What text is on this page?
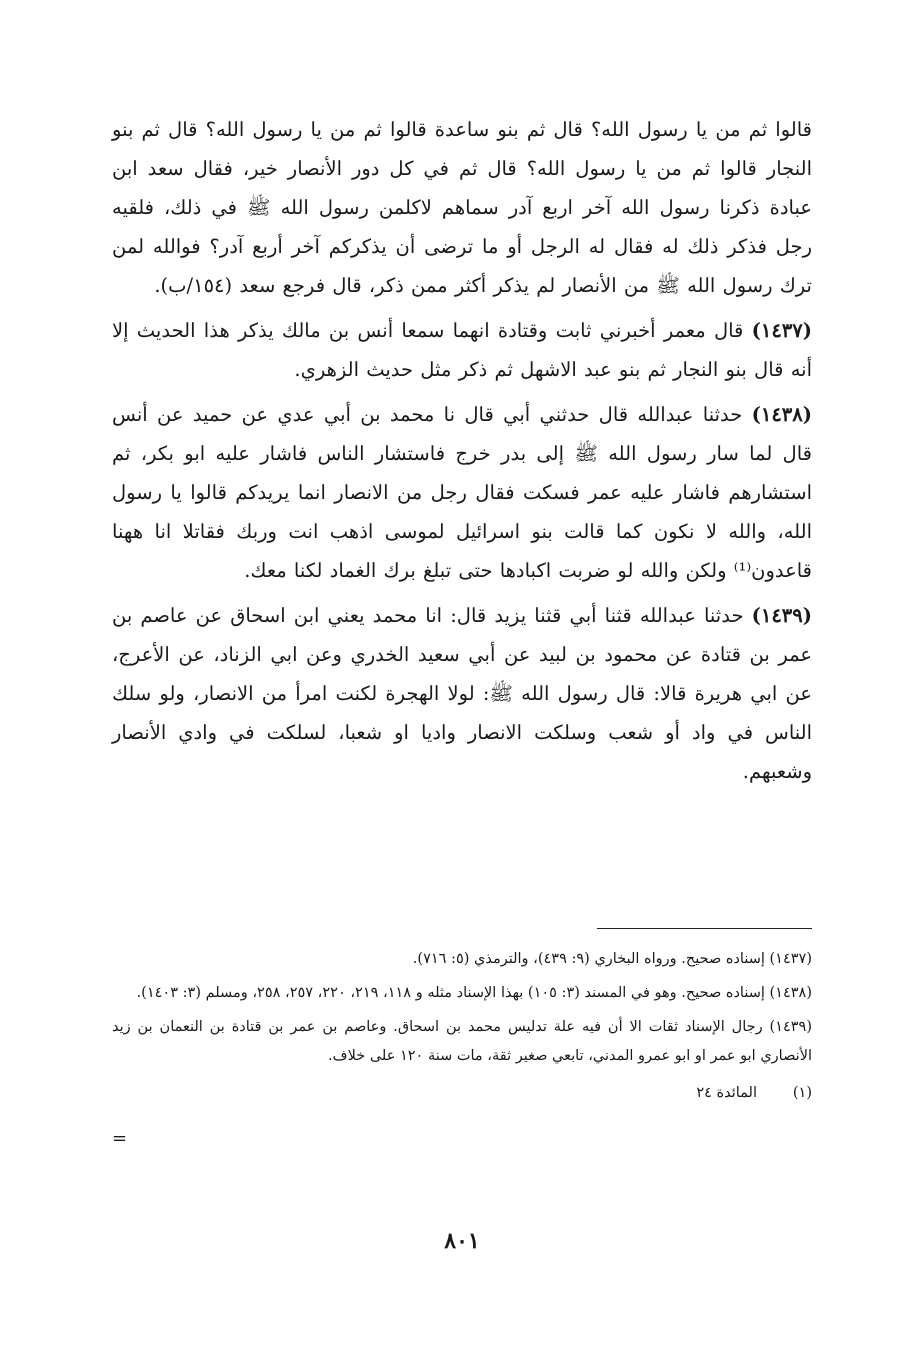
قالوا ثم من يا رسول الله؟ قال ثم بنو ساعدة قالوا ثم من يا رسول الله؟ قال ثم بنو النجار قالوا ثم من يا رسول الله؟ قال ثم في كل دور الأنصار خير، فقال سعد ابن عبادة ذكرنا رسول الله آخر اربع آدر سماهم لاكلمن رسول الله ﷺ في ذلك، فلقيه رجل فذكر ذلك له فقال له الرجل أو ما ترضى أن يذكركم آخر أربع آدر؟ فوالله لمن ترك رسول الله ﷺ من الأنصار لم يذكر أكثر ممن ذكر، قال فرجع سعد (١٥٤/ب).

(١٤٣٧) قال معمر أخبرني ثابت وقتادة انهما سمعا أنس بن مالك يذكر هذا الحديث إلا أنه قال بنو النجار ثم بنو عبد الاشهل ثم ذكر مثل حديث الزهري.

(١٤٣٨) حدثنا عبدالله قال حدثني أبي قال نا محمد بن أبي عدي عن حميد عن أنس قال لما سار رسول الله ﷺ إلى بدر خرج فاستشار الناس فاشار عليه ابو بكر، ثم استشارهم فاشار عليه عمر فسكت فقال رجل من الانصار انما يريدكم قالوا يا رسول الله، والله لا نكون كما قالت بنو اسرائيل لموسى اذهب انت وربك فقاتلا انا ههنا قاعدون⁽¹⁾ ولكن والله لو ضربت اكبادها حتى تبلغ برك الغماد لكنا معك.

(١٤٣٩) حدثنا عبدالله قثنا أبي قثنا يزيد قال: انا محمد يعني ابن اسحاق عن عاصم بن عمر بن قتادة عن محمود بن لبيد عن أبي سعيد الخدري وعن ابي الزناد، عن الأعرج، عن ابي هريرة قالا: قال رسول الله ﷺ: لولا الهجرة لكنت امرأ من الانصار، ولو سلك الناس في واد أو شعب وسلكت الانصار واديا او شعبا، لسلكت في وادي الأنصار وشعبهم.

(١٤٣٧) إسناده صحيح. ورواه البخاري (٩: ٤٣٩)، والترمذي (٥: ٧١٦).

(١٤٣٨) إسناده صحيح. وهو في المسند (٣: ١٠٥) بهذا الإسناد مثله و ١١٨، ٢١٩، ٢٢٠، ٢٥٧، ٢٥٨، ومسلم (٣: ١٤٠٣).

(١٤٣٩) رجال الإسناد ثقات الا أن فيه علة تدليس محمد بن اسحاق. وعاصم بن عمر بن قتادة بن النعمان بن زيد الأنصاري ابو عمر او ابو عمرو المدني، تابعي صغير ثقة، مات سنة ١٢٠ على خلاف.

(١)المائدة ٢٤
=
٨٠١
